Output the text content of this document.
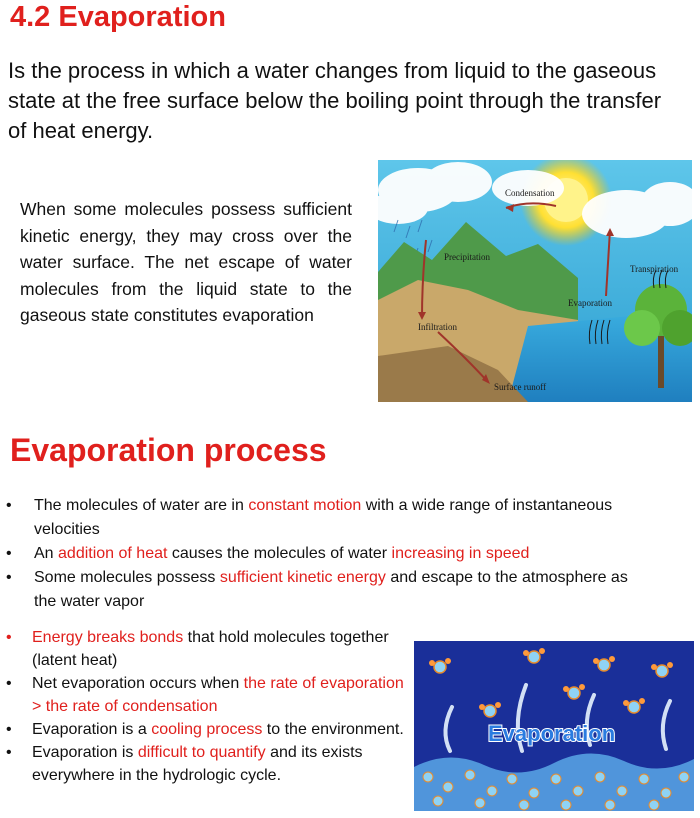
4.2 Evaporation
Is the process in which a water changes from liquid to the gaseous state at the free surface below the boiling point through the transfer of heat energy.
When some molecules possess sufficient kinetic energy, they may cross over the water surface. The net escape of water molecules from the liquid state to the gaseous state constitutes evaporation
Condensation
Precipitation
Transpiration
Evaporation
Infiltration
Surface runoff
Evaporation process
• The molecules of water are in constant motion with a wide range of instantaneous velocities
• An addition of heat causes the molecules of water increasing in speed
• Some molecules possess sufficient kinetic energy and escape to the atmosphere as the water vapor
• Energy breaks bonds that hold molecules together (latent heat)
• Net evaporation occurs when the rate of evaporation > the rate of condensation
• Evaporation is a cooling process to the environment.
• Evaporation is difficult to quantify and its exists everywhere in the hydrologic cycle.
Evaporation
